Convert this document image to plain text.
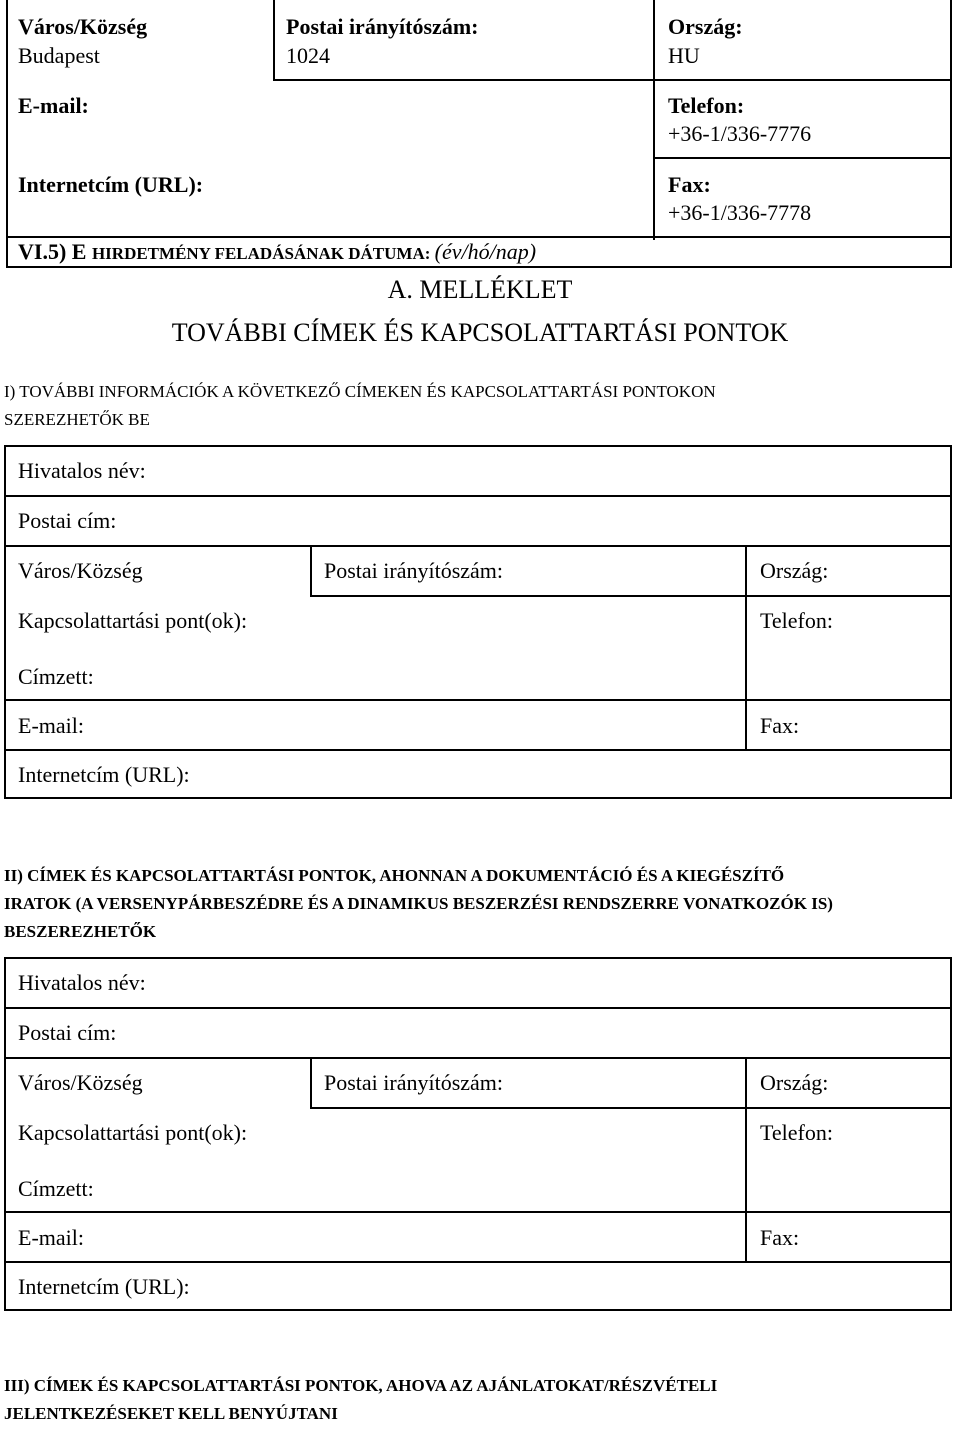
Város/Község
Budapest
Postai irányítószám:
1024
Ország:
HU
E-mail:	Telefon:
+36-1/336-7776
Internetcím (URL):	Fax:
+36-1/336-7778
VI.5) E HIRDETMÉNY FELADÁSÁNAK DÁTUMA: (év/hó/nap)
A. MELLÉKLET
TOVÁBBI CÍMEK ÉS KAPCSOLATTARTÁSI PONTOK
I) TOVÁBBI INFORMÁCIÓK A KÖVETKEZŐ CÍMEKEN ÉS KAPCSOLATTARTÁSI PONTOKON
SZEREZHETŐK BE
Hivatalos név:
Postai cím:
Város/Község	Postai irányítószám:	Ország:
Kapcsolattartási pont(ok):	Telefon:
Címzett:
E-mail:	Fax:
Internetcím (URL):
II) CÍMEK ÉS KAPCSOLATTARTÁSI PONTOK, AHONNAN A DOKUMENTÁCIÓ ÉS A KIEGÉSZÍTŐ
IRATOK (A VERSENYPÁRBESZÉDRE ÉS A DINAMIKUS BESZERZÉSI RENDSZERRE VONATKOZÓK IS)
BESZEREZHETŐK
Hivatalos név:
Postai cím:
Város/Község	Postai irányítószám:	Ország:
Kapcsolattartási pont(ok):	Telefon:
Címzett:
E-mail:	Fax:
Internetcím (URL):
III) CÍMEK ÉS KAPCSOLATTARTÁSI PONTOK, AHOVA AZ AJÁNLATOKAT/RÉSZVÉTELI
JELENTKEZÉSEKET KELL BENYÚJTANI
